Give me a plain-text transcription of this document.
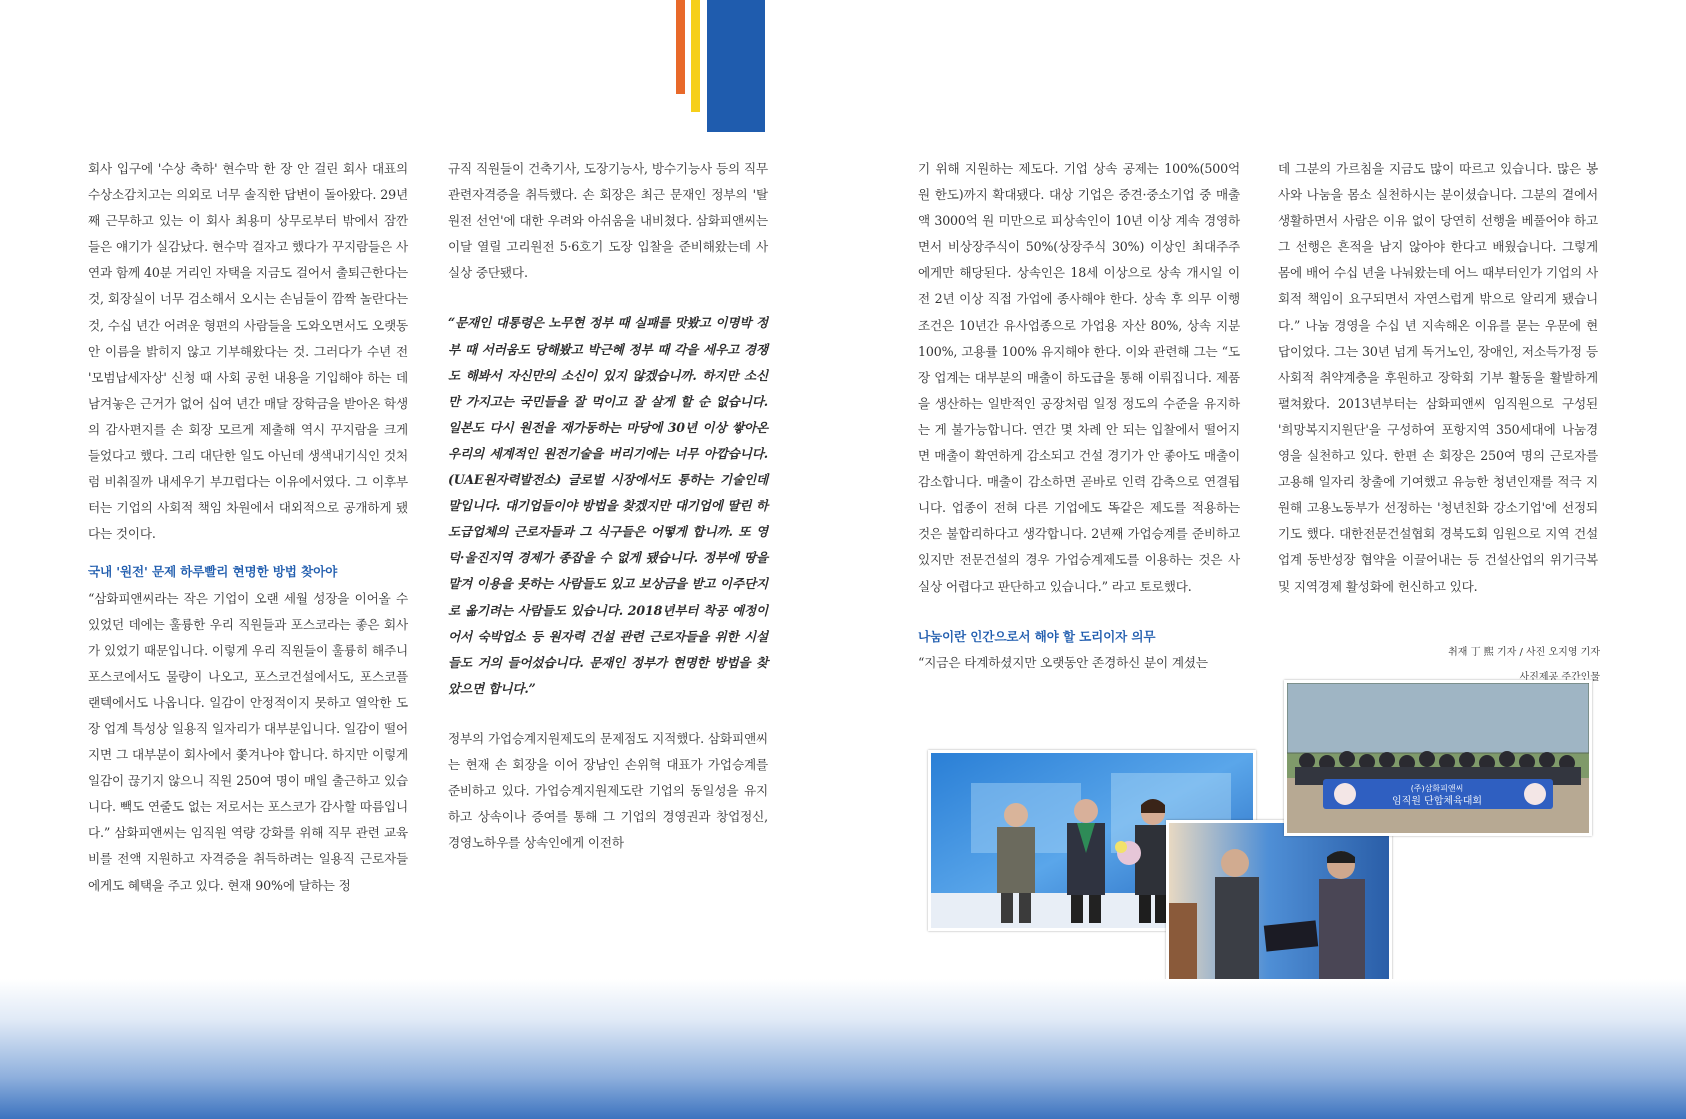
회사 입구에 '수상 축하' 현수막 한 장 안 걸린 회사 대표의 수상소감치고는 의외로 너무 솔직한 답변이 돌아왔다. 29년째 근무하고 있는 이 회사 최용미 상무로부터 밖에서 잠깐 들은 얘기가 실감났다. 현수막 걸자고 했다가 꾸지람들은 사연과 함께 40분 거리인 자택을 지금도 걸어서 출퇴근한다는 것, 회장실이 너무 검소해서 오시는 손님들이 깜짝 놀란다는 것, 수십 년간 어려운 형편의 사람들을 도와오면서도 오랫동안 이름을 밝히지 않고 기부해왔다는 것. 그러다가 수년 전 '모범납세자상' 신청 때 사회 공헌 내용을 기입해야 하는 데 남겨놓은 근거가 없어 십여 년간 매달 장학금을 받아온 학생의 감사편지를 손 회장 모르게 제출해 역시 꾸지람을 크게 들었다고 했다. 그리 대단한 일도 아닌데 생색내기식인 것처럼 비춰질까 내세우기 부끄럽다는 이유에서였다. 그 이후부터는 기업의 사회적 책임 차원에서 대외적으로 공개하게 됐다는 것이다.

국내 '원전' 문제 하루빨리 현명한 방법 찾아야

“삼화피앤씨라는 작은 기업이 오랜 세월 성장을 이어올 수 있었던 데에는 훌륭한 우리 직원들과 포스코라는 좋은 회사가 있었기 때문입니다. 이렇게 우리 직원들이 훌륭히 해주니 포스코에서도 물량이 나오고, 포스코건설에서도, 포스코플랜텍에서도 나옵니다. 일감이 안정적이지 못하고 열악한 도장 업계 특성상 일용직 일자리가 대부분입니다. 일감이 떨어지면 그 대부분이 회사에서 쫓겨나야 합니다. 하지만 이렇게 일감이 끊기지 않으니 직원 250여 명이 매일 출근하고 있습니다. 빽도 연줄도 없는 저로서는 포스코가 감사할 따름입니다.” 삼화피앤씨는 임직원 역량 강화를 위해 직무 관련 교육비를 전액 지원하고 자격증을 취득하려는 일용직 근로자들에게도 혜택을 주고 있다. 현재 90%에 달하는 정

규직 직원들이 건축기사, 도장기능사, 방수기능사 등의 직무 관련자격증을 취득했다. 손 회장은 최근 문재인 정부의 '탈원전 선언'에 대한 우려와 아쉬움을 내비쳤다. 삼화피앤씨는 이달 열릴 고리원전 5·6호기 도장 입찰을 준비해왔는데 사실상 중단됐다.

“문재인 대통령은 노무현 정부 때 실패를 맛봤고 이명박 정부 때 서러움도 당해봤고 박근혜 정부 때 각을 세우고 경쟁도 해봐서 자신만의 소신이 있지 않겠습니까. 하지만 소신만 가지고는 국민들을 잘 먹이고 잘 살게 할 순 없습니다. 일본도 다시 원전을 재가동하는 마당에 30년 이상 쌓아온 우리의 세계적인 원전기술을 버리기에는 너무 아깝습니다. (UAE원자력발전소) 글로벌 시장에서도 통하는 기술인데 말입니다. 대기업들이야 방법을 찾겠지만 대기업에 딸린 하도급업체의 근로자들과 그 식구들은 어떻게 합니까. 또 영덕·울진지역 경제가 종잡을 수 없게 됐습니다. 정부에 땅을 맡겨 이용을 못하는 사람들도 있고 보상금을 받고 이주단지로 옮기려는 사람들도 있습니다. 2018년부터 착공 예정이어서 숙박업소 등 원자력 건설 관련 근로자들을 위한 시설들도 거의 들어섰습니다. 문재인 정부가 현명한 방법을 찾았으면 합니다.”

정부의 가업승계지원제도의 문제점도 지적했다. 삼화피앤씨는 현재 손 회장을 이어 장남인 손위혁 대표가 가업승계를 준비하고 있다. 가업승계지원제도란 기업의 동일성을 유지하고 상속이나 증여를 통해 그 기업의 경영권과 창업정신, 경영노하우를 상속인에게 이전하

기 위해 지원하는 제도다. 기업 상속 공제는 100%(500억 원 한도)까지 확대됐다. 대상 기업은 중견·중소기업 중 매출액 3000억 원 미만으로 피상속인이 10년 이상 계속 경영하면서 비상장주식이 50%(상장주식 30%) 이상인 최대주주에게만 해당된다. 상속인은 18세 이상으로 상속 개시일 이전 2년 이상 직접 가업에 종사해야 한다. 상속 후 의무 이행조건은 10년간 유사업종으로 가업용 자산 80%, 상속 지분 100%, 고용률 100% 유지해야 한다. 이와 관련해 그는 “도장 업계는 대부분의 매출이 하도급을 통해 이뤄집니다. 제품을 생산하는 일반적인 공장처럼 일정 정도의 수준을 유지하는 게 불가능합니다. 연간 몇 차례 안 되는 입찰에서 떨어지면 매출이 확연하게 감소되고 건설 경기가 안 좋아도 매출이 감소합니다. 매출이 감소하면 곧바로 인력 감축으로 연결됩니다. 업종이 전혀 다른 기업에도 똑같은 제도를 적용하는 것은 불합리하다고 생각합니다. 2년째 가업승계를 준비하고 있지만 전문건설의 경우 가업승계제도를 이용하는 것은 사실상 어렵다고 판단하고 있습니다.” 라고 토로했다.

나눔이란 인간으로서 해야 할 도리이자 의무

“지금은 타계하셨지만 오랫동안 존경하신 분이 계셨는

데 그분의 가르침을 지금도 많이 따르고 있습니다. 많은 봉사와 나눔을 몸소 실천하시는 분이셨습니다. 그분의 곁에서 생활하면서 사람은 이유 없이 당연히 선행을 베풀어야 하고 그 선행은 흔적을 남지 않아야 한다고 배웠습니다. 그렇게 몸에 배어 수십 년을 나눠왔는데 어느 때부터인가 기업의 사회적 책임이 요구되면서 자연스럽게 밖으로 알리게 됐습니다.” 나눔 경영을 수십 년 지속해온 이유를 묻는 우문에 현답이었다. 그는 30년 넘게 독거노인, 장애인, 저소득가정 등 사회적 취약계층을 후원하고 장학회 기부 활동을 활발하게 펼쳐왔다. 2013년부터는 삼화피앤씨 임직원으로 구성된 '희망복지지원단'을 구성하여 포항지역 350세대에 나눔경영을 실천하고 있다. 한편 손 회장은 250여 명의 근로자를 고용해 일자리 창출에 기여했고 유능한 청년인재를 적극 지원해 고용노동부가 선정하는 '청년친화 강소기업'에 선정되기도 했다. 대한전문건설협회 경북도회 임원으로 지역 건설업계 동반성장 협약을 이끌어내는 등 건설산업의 위기극복 및 지역경제 활성화에 헌신하고 있다.

취재 丁 熙 기자 / 사진 오지영 기자
사진제공 주간인물
(주)삼화피앤씨
임직원 단합체육대회
